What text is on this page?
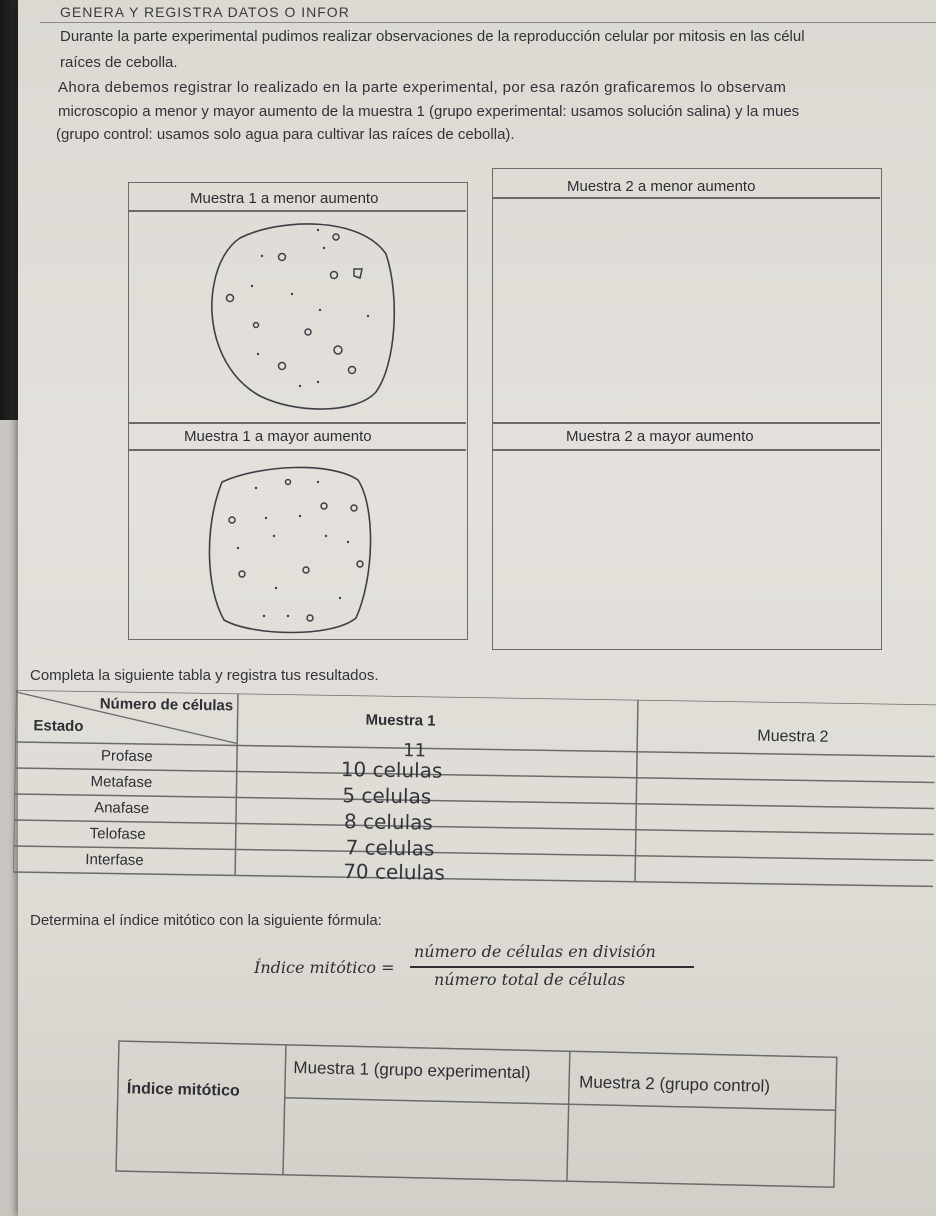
GENERA Y REGISTRA DATOS O INFOR
Durante la parte experimental pudimos realizar observaciones de la reproducción celular por mitosis en las célul
raíces de cebolla.
Ahora debemos registrar lo realizado en la parte experimental, por esa razón graficaremos lo observam
microscopio a menor y mayor aumento de la muestra 1 (grupo experimental: usamos solución salina) y la mues
(grupo control: usamos solo agua para cultivar las raíces de cebolla).
Muestra 1 a menor aumento
Muestra 2 a menor aumento
Muestra 1 a mayor aumento	Muestra 2 a mayor aumento
Completa la siguiente tabla y registra tus resultados.
Número de células
Estado	Muestra 1
Muestra 2
Profase
Metafase
Anafase
Telofase
Interfase
11
10 celulas
5 celulas
8 celulas
7 celulas
70 celulas
Determina el índice mitótico con la siguiente fórmula:
Índice mitótico =
número de células en división
número total de células
Muestra 1 (grupo experimental)
Muestra 2 (grupo control)
Índice mitótico
